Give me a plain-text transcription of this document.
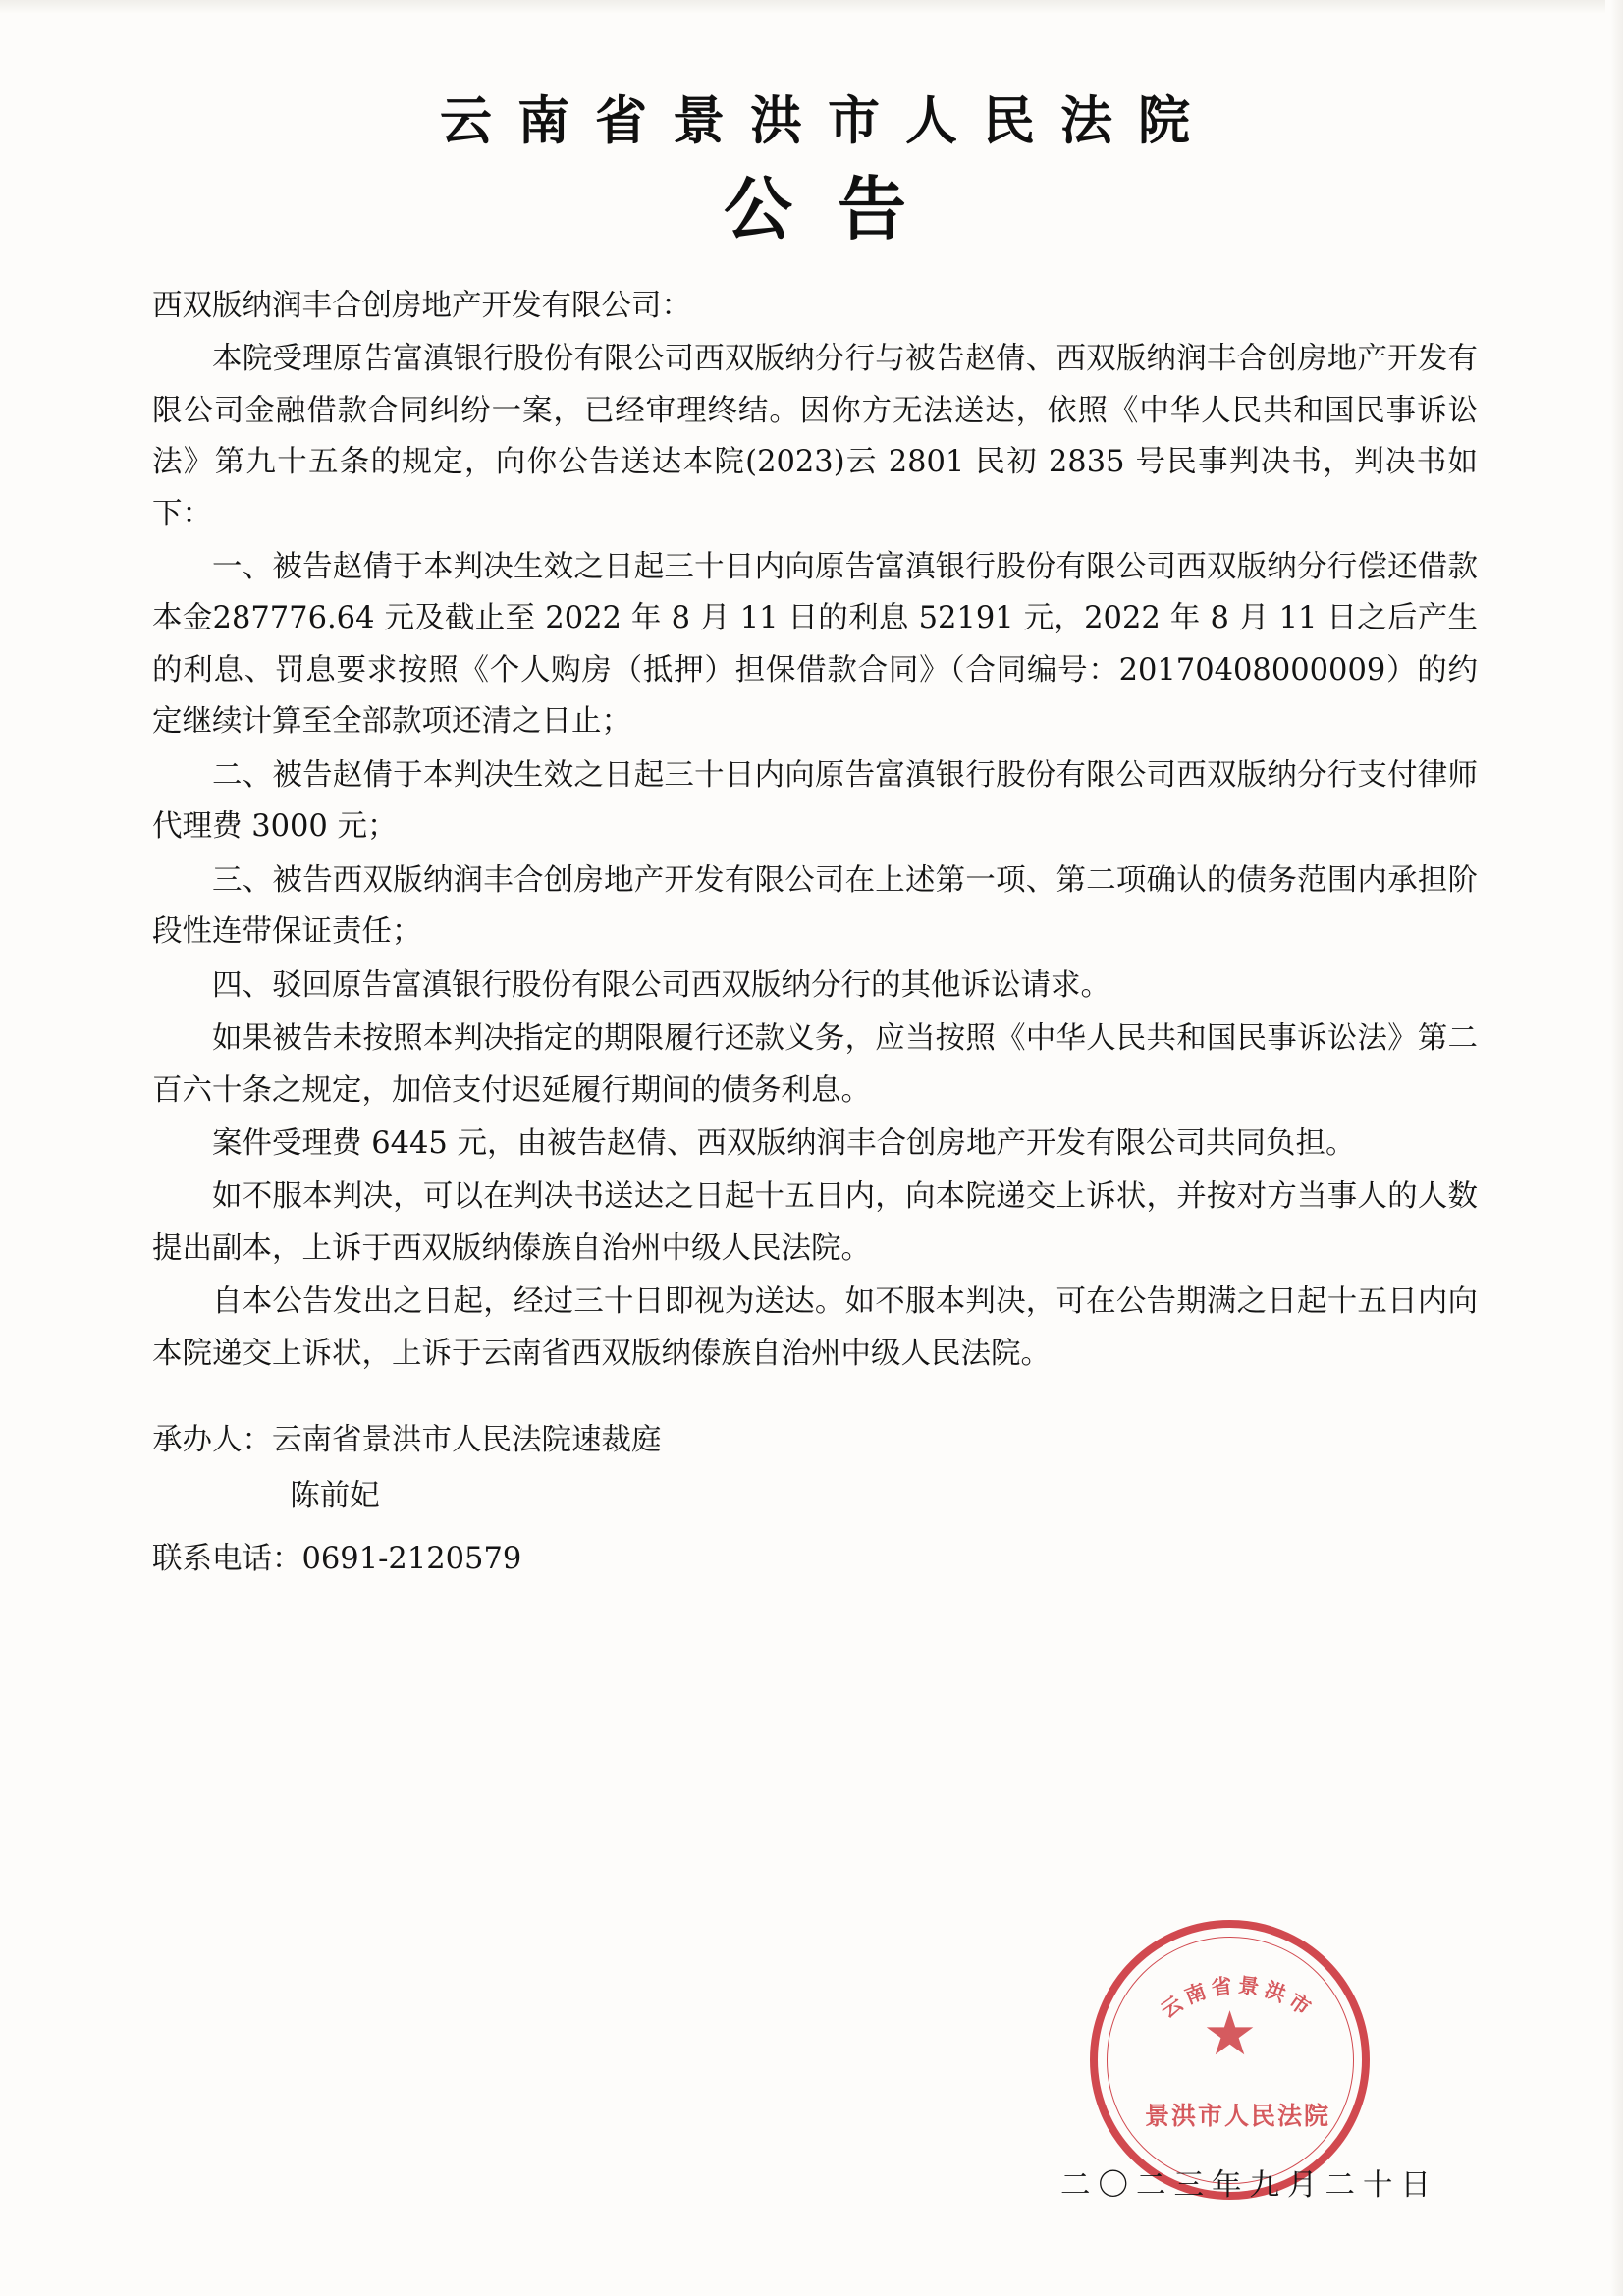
云南省景洪市人民法院
公告

西双版纳润丰合创房地产开发有限公司：

本院受理原告富滇银行股份有限公司西双版纳分行与被告赵倩、西双版纳润丰合创房地产开发有限公司金融借款合同纠纷一案，已经审理终结。因你方无法送达，依照《中华人民共和国民事诉讼法》第九十五条的规定，向你公告送达本院(2023)云 2801 民初 2835 号民事判决书，判决书如下：

一、被告赵倩于本判决生效之日起三十日内向原告富滇银行股份有限公司西双版纳分行偿还借款本金287776.64 元及截止至 2022 年 8 月 11 日的利息 52191 元，2022 年 8 月 11 日之后产生的利息、罚息要求按照《个人购房（抵押）担保借款合同》（合同编号：20170408000009）的约定继续计算至全部款项还清之日止；

二、被告赵倩于本判决生效之日起三十日内向原告富滇银行股份有限公司西双版纳分行支付律师代理费 3000 元；

三、被告西双版纳润丰合创房地产开发有限公司在上述第一项、第二项确认的债务范围内承担阶段性连带保证责任；

四、驳回原告富滇银行股份有限公司西双版纳分行的其他诉讼请求。

如果被告未按照本判决指定的期限履行还款义务，应当按照《中华人民共和国民事诉讼法》第二百六十条之规定，加倍支付迟延履行期间的债务利息。

案件受理费 6445 元，由被告赵倩、西双版纳润丰合创房地产开发有限公司共同负担。

如不服本判决，可以在判决书送达之日起十五日内，向本院递交上诉状，并按对方当事人的人数提出副本，上诉于西双版纳傣族自治州中级人民法院。

自本公告发出之日起，经过三十日即视为送达。如不服本判决，可在公告期满之日起十五日内向本院递交上诉状，上诉于云南省西双版纳傣族自治州中级人民法院。

承办人：云南省景洪市人民法院速裁庭
陈前妃
联系电话：0691-2120579
云南省景洪市
★
景洪市人民法院
二〇二三年九月二十日
